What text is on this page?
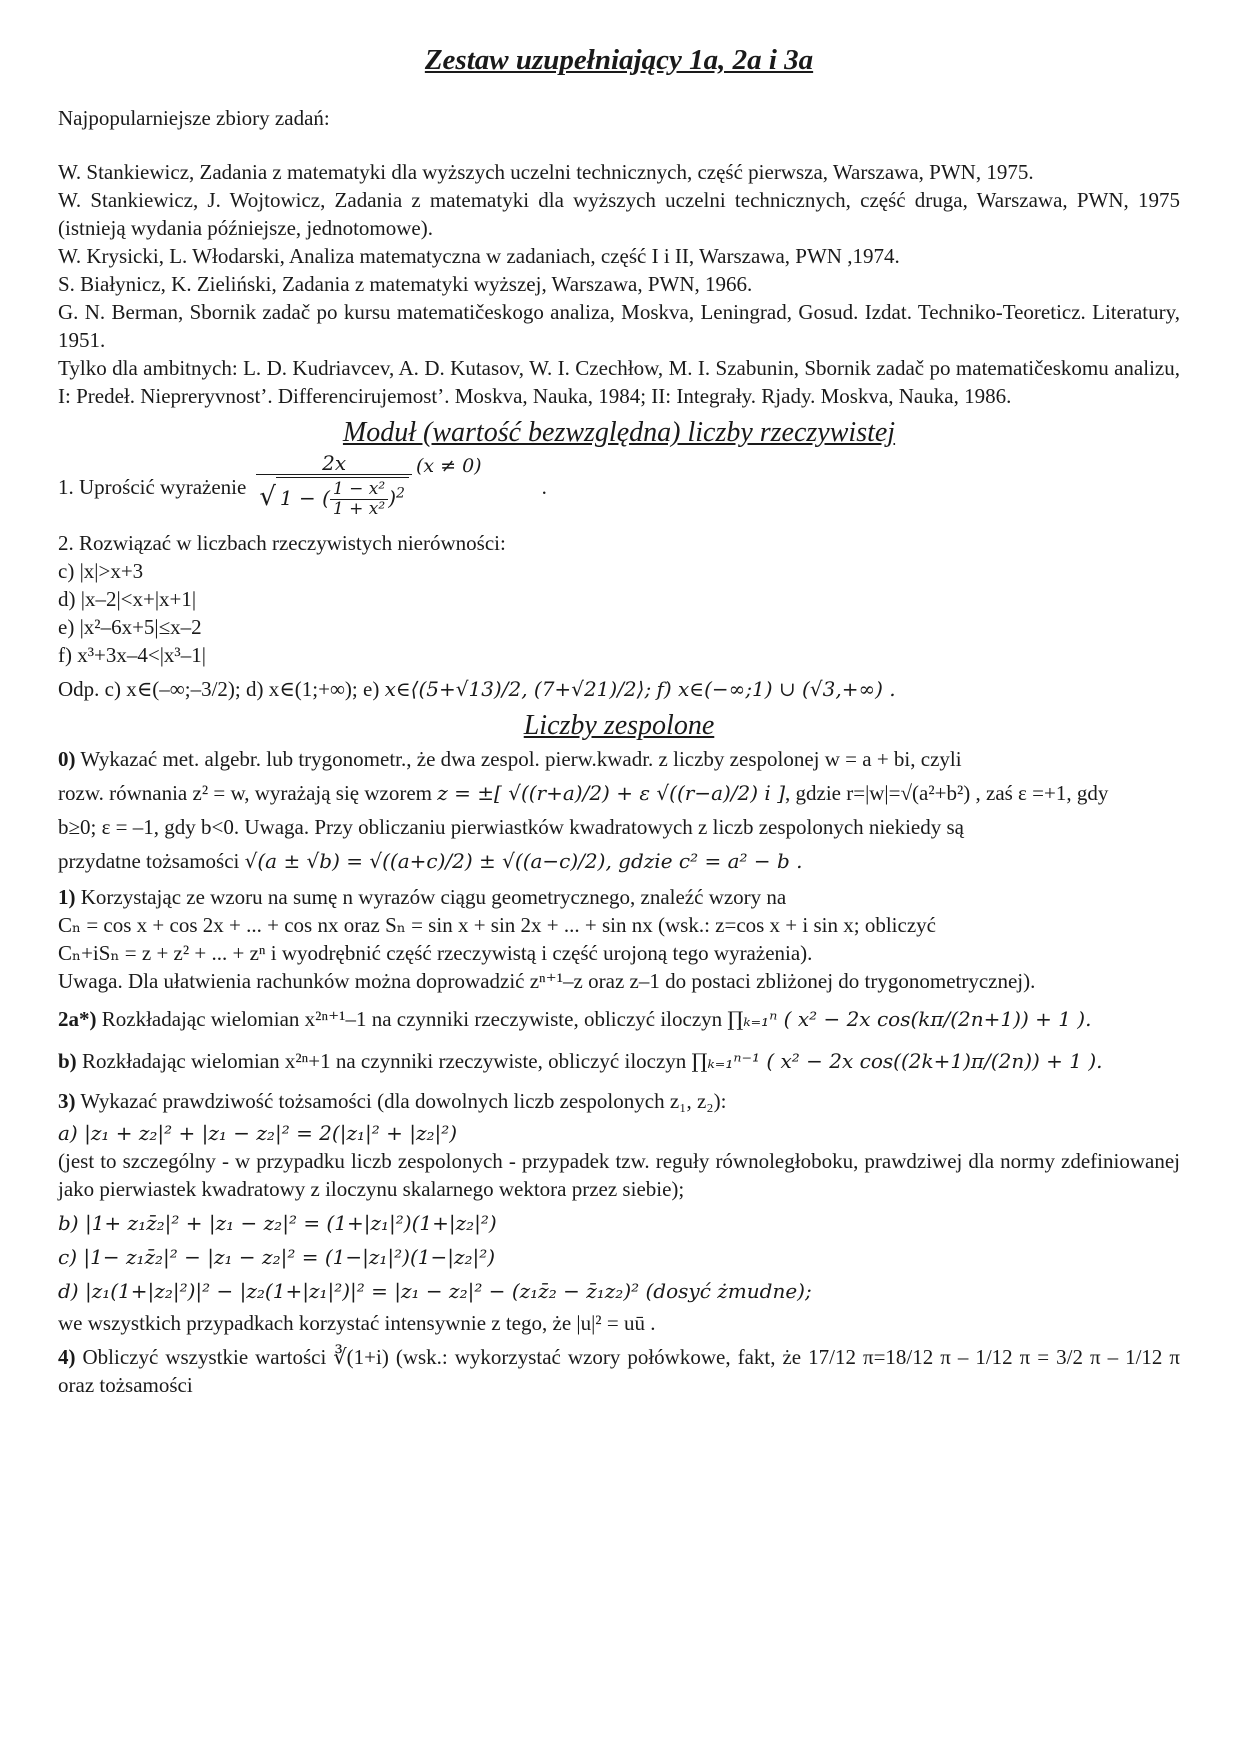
Zestaw uzupełniający 1a, 2a i 3a

Najpopularniejsze zbiory zadań:

W. Stankiewicz, Zadania z matematyki dla wyższych uczelni technicznych, część pierwsza, Warszawa, PWN, 1975.

W. Stankiewicz, J. Wojtowicz, Zadania z matematyki dla wyższych uczelni technicznych, część druga, Warszawa, PWN, 1975 (istnieją wydania późniejsze, jednotomowe).

W. Krysicki, L. Włodarski, Analiza matematyczna w zadaniach, część I i II, Warszawa, PWN ,1974.

S. Białynicz, K. Zieliński, Zadania z matematyki wyższej, Warszawa, PWN, 1966.

G. N. Berman, Sbornik zadač po kursu matematičeskogo analiza, Moskva, Leningrad, Gosud. Izdat. Techniko-Teoreticz. Literatury, 1951.

Tylko dla ambitnych: L. D. Kudriavcev, A. D. Kutasov, W. I. Czechłow, M. I. Szabunin, Sbornik zadač po matematičeskomu analizu, I: Predeł. Niepreryvnost’. Differencirujemost’. Moskva, Nauka, 1984; II: Integrały. Rjady. Moskva, Nauka, 1986.

Moduł (wartość bezwzględna) liczby rzeczywistej
1. Uprościć wyrażenie $\frac{2x}{√ 1 - ( \frac{\text{1 − x²}}{\text{1 + x²}} )^2} (x \ne 0)$
.

2. Rozwiązać w liczbach rzeczywistych nierówności:

c) |x|>x+3

d) |x–2|<x+|x+1|

e) |x²–6x+5|≤x–2

f) x³+3x–4<|x³–1|

Odp. c) x∈(–∞;–3/2); d) x∈(1;+∞); e) x∈⟨(5+√13)/2, (7+√21)/2⟩; f) x∈(−∞;1) ∪ (√3,+∞) .

Liczby zespolone

0) Wykazać met. algebr. lub trygonometr., że dwa zespol. pierw.kwadr. z liczby zespolonej w = a + bi, czyli

rozw. równania z² = w, wyrażają się wzorem z = ±[ √((r+a)/2) + ε √((r−a)/2) i ], gdzie r=|w|=√(a²+b²) , zaś ε =+1, gdy

b≥0; ε = –1, gdy b<0. Uwaga. Przy obliczaniu pierwiastków kwadratowych z liczb zespolonych niekiedy są

przydatne tożsamości √(a ± √b) = √((a+c)/2) ± √((a−c)/2), gdzie c² = a² − b .

1) Korzystając ze wzoru na sumę n wyrazów ciągu geometrycznego, znaleźć wzory na

Cₙ = cos x + cos 2x + ... + cos nx oraz Sₙ = sin x + sin 2x + ... + sin nx (wsk.: z=cos x + i sin x; obliczyć

Cₙ+iSₙ = z + z² + ... + zⁿ i wyodrębnić część rzeczywistą i część urojoną tego wyrażenia).

Uwaga. Dla ułatwienia rachunków można doprowadzić zⁿ⁺¹–z oraz z–1 do postaci zbliżonej do trygonometrycznej).

2a*) Rozkładając wielomian x²ⁿ⁺¹–1 na czynniki rzeczywiste, obliczyć iloczyn ∏ₖ₌₁ⁿ ( x² − 2x cos(kπ/(2n+1)) + 1 ).

b) Rozkładając wielomian x²ⁿ+1 na czynniki rzeczywiste, obliczyć iloczyn ∏ₖ₌₁ⁿ⁻¹ ( x² − 2x cos((2k+1)π/(2n)) + 1 ).

3) Wykazać prawdziwość tożsamości (dla dowolnych liczb zespolonych z₁, z₂):

a) |z₁ + z₂|² + |z₁ − z₂|² = 2(|z₁|² + |z₂|²)

(jest to szczególny - w przypadku liczb zespolonych - przypadek tzw. reguły równoległoboku, prawdziwej dla normy zdefiniowanej jako pierwiastek kwadratowy z iloczynu skalarnego wektora przez siebie);

b) |1+ z₁z̄₂|² + |z₁ − z₂|² = (1+|z₁|²)(1+|z₂|²)

c) |1− z₁z̄₂|² − |z₁ − z₂|² = (1−|z₁|²)(1−|z₂|²)

d) |z₁(1+|z₂|²)|² − |z₂(1+|z₁|²)|² = |z₁ − z₂|² − (z₁z̄₂ − z̄₁z₂)² (dosyć żmudne);

we wszystkich przypadkach korzystać intensywnie z tego, że |u|² = uū .

4) Obliczyć wszystkie wartości ∛(1+i) (wsk.: wykorzystać wzory połówkowe, fakt, że 17/12 π=18/12 π – 1/12 π = 3/2 π – 1/12 π oraz tożsamości
